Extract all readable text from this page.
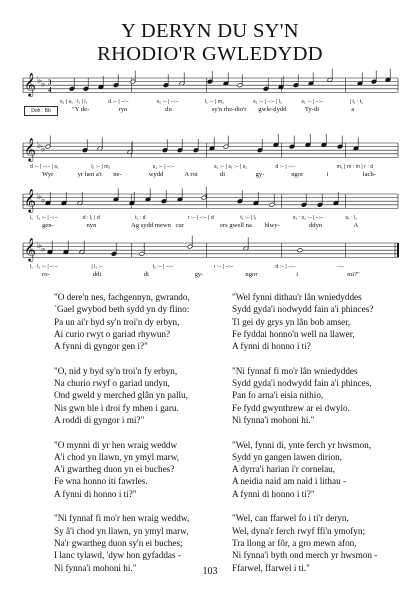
Y DERYN DU SY'N
RHODIO'R GWLEDYDD
Doh : Bb
𝄞 ♭ ♭ 3
4
𝄞 ♭ ♭
𝄞 ♭ ♭
𝄞 ♭ ♭
s₁ | s₁ : l₁ | l₁	d :– | –:–	s₁ :– | –:–	l₁ :– | m₁	s₁ :– | –:– | l₁	s₁ :– | –:–	| l₁ : t₁
"Y de-	ryn	du	sy'n rho-dio'r gwle-dydd	Ty-di	a
d :– | –:– | s₁	l₁ :– | m₁	s₁ :– | –:–	s₁ :– | s₁ :– | s₁	d :– | –:–	m₁ | m : m | r : d
Wyr	yr hen a'r ne-	wydd	A roi	di	gy-	ngor	i	fach-
l₁ : l₁ :– | –:–	d : l₁ | d	t₁ : d	r :– | –:– | d	t₁ :– | l₁	s₁ : s₁ :– | –:–	s₁ : l₁
gen-	nyn	Ag sydd mewn cur	ers gwell na blwy-	ddyn	A
l₁ : l₁ :– | –:–	| l₁ :–	t₁ :– | –:–	r :– | –:–	d :– | –:–	–:–
ro-	ddi	di	gy-	ngor	i	mi?"
"O dere'n nes, fachgennyn, gwrando,
`Gael gwybod beth sydd yn dy flino:
Pa un ai'r hyd sy'n troi'n dy erbyn,
Ai curio rwyt o gariad rhywun?
A fynni di gyngor gen i?"
"O, nid y byd sy'n troi'n fy erbyn,
Na churio rwyf o gariad undyn,
Ond gweld y merched glân yn pallu,
Nis gwn ble i droi fy mhen i garu.
A roddi di gyngor i mi?"
"O mynni di yr hen wraig weddw
A'i chod yn llawn, yn ymyl marw,
A'i gwartheg duon yn ei buches?
Fe wna honno iti fawrles.
A fynni di honno i ti?"
"Ni fynnaf fi mo'r hen wraig weddw,
Sy â'i chod yn llawn, yn ymyl marw,
Na'r gwartheg duon sy'n ei buches;
I lanc tylawd, 'dyw hon gyfaddas -
Ni fynna'i mohoni hi."
"Wel fynni dithau'r lân wniedyddes
Sydd gyda'i nodwydd fain a'i phinces?
Ti gei dy grys yn lân bob amser,
Fe fyddai honno'n well na llawer,
A fynni di honno i ti?
"Ni fynnaf fi mo'r lân wniedyddes
Sydd gyda'i nodwydd fain a'i phinces,
Pan fo arna'i eisia nithio,
Fe fydd gwynthrew ar ei dwylo.
Ni fynna'i mohoni hi."
"Wel, fynni di, ynte ferch yr hwsmon,
Sydd yn gangen lawen dirion,
A dyrra'i harian i'r cornelau,
A neidia naid am naid i lithau -
A fynni di honno i ti?"
"Wel, can ffarwel fo i ti'r deryn,
Wel, dyna'r ferch rwyf ffi'n ymofyn;
Tra llong ar fôr, a gro mewn afon,
Ni fynna'i byth ond merch yr hwsmon -
Ffarwel, ffarwel i ti."
103
